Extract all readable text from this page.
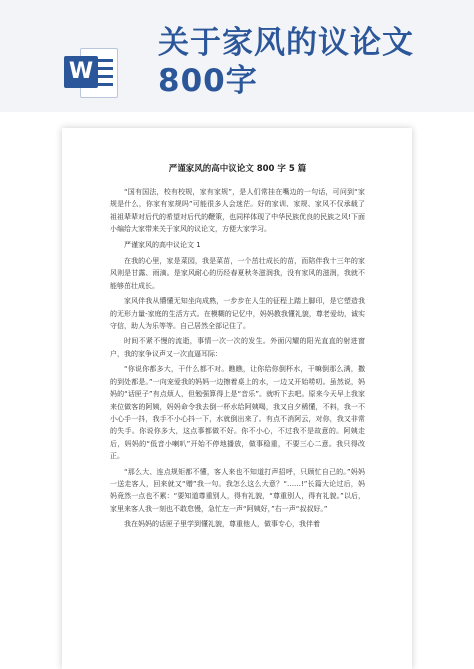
W
关于家风的议论文
800字
严谨家风的高中议论文 800 字 5 篇

“国有国法，校有校规，家有家规”，是人们常挂在嘴边的一句话，可问到“家规是什么，你家有家规吗”可能很多人会迷茫。好的家训、家规、家风不仅承载了祖祖辈辈对后代的希望对后代的鞭策，也同样体现了中华民族优良的民族之风!下面小编给大家带来关于家风的议论文，方便大家学习。

严谨家风的高中议论文 1

在我的心里，家是菜园，我是菜苗，一个茁壮成长的苗，而陪伴我十三年的家风则是甘露、雨滴。是家风耐心的历经春夏秋冬滋润我，没有家风的滋润，我就不能够茁壮成长。

家风伴我从懵懂无知坐向成熟，一步步在人生的征程上踏上脚印，是它塑造我的无形力量-家庭的生活方式。在模糊的记忆中，妈妈教我懂礼貌，尊老爱幼，诚实守信，助人为乐等等。自己居然全部记住了。

时间不紧不慢的流逝，事情一次一次的发生。外面闪耀的阳光直直的射进窗户，我的家争议声又一次直逼耳际：

“你说你都多大，干什么都不对。瞧瞧，让你给你倒杯水，干嘛倒那么满，撒的到处都是。”一向宠爱我的妈妈一边擦着桌上的水，一边又开始唠叨。虽然说，妈妈的“话匣子”有点烦人，但勉强算得上是“音乐”。就听下去吧。原来今天早上我家来位做客的阿姨，妈妈命令我去倒一杯水给阿姨喝，我又自夕稀懂，不料，我一不小心手一抖，我手不小心抖一下，水就倒出来了。有点不消阿云，对你，我又非常的失手。你说你多大，这点事都做不好。你不小心，不过我不是故意的。阿姨走后，妈妈的“低音小喇叭”开始不停地播放，做事稳重，不要三心二意。我只得改正。

“那么大、连点规矩都不懂，客人来也不知道打声招呼，只顾忙自己的。”妈妈一送走客人，回来就又“赠”我一句。我怎么这么大意？“……!”长篇大论过后，妈妈竟然一点也不累：“要知道尊重别人，得有礼貌，“尊重别人，得有礼貌。”以后，家里来客人我一刻也不敢怠慢，急忙左一声“阿姨好，”右一声“叔叔好。”

我在妈妈的话匣子里学到懂礼貌，尊重他人，做事专心，我伴着
